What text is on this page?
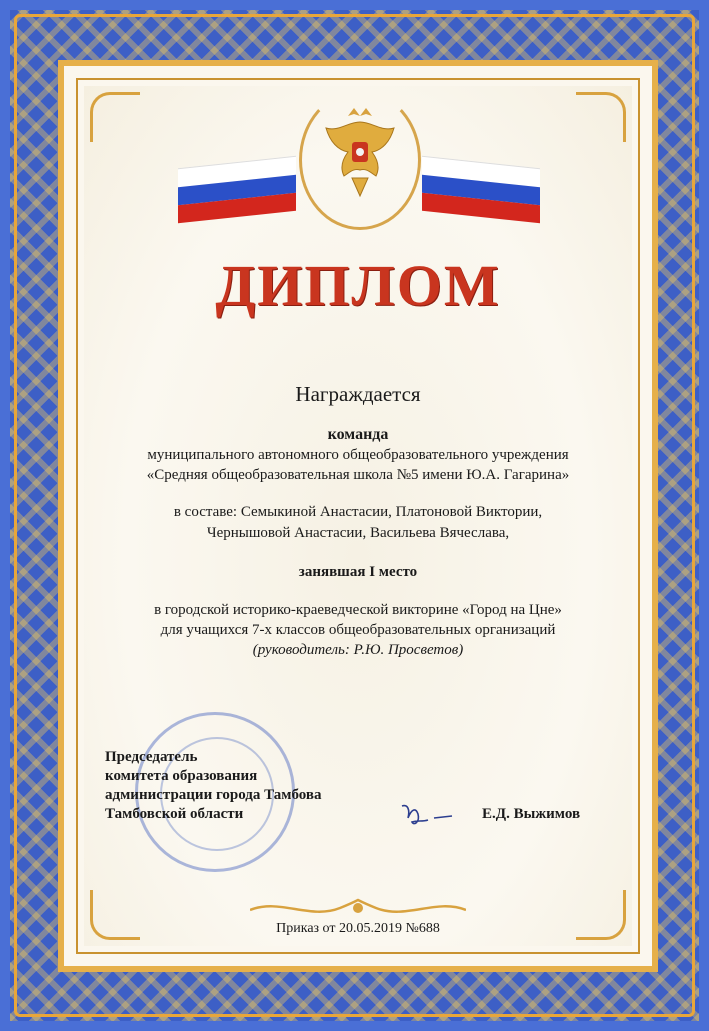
ДИПЛОМ
Награждается
команда
муниципального автономного общеобразовательного учреждения
«Средняя общеобразовательная школа №5 имени Ю.А. Гагарина»
в составе: Семыкиной Анастасии, Платоновой Виктории,
Чернышовой Анастасии, Васильева Вячеслава,
занявшая I место
в городской историко-краеведческой викторине «Город на Цне»
для учащихся 7-х классов общеобразовательных организаций
(руководитель: Р.Ю. Просветов)
Председатель
комитета образования
администрации города Тамбова
Тамбовской области	Е.Д. Выжимов
Приказ от 20.05.2019 №688
